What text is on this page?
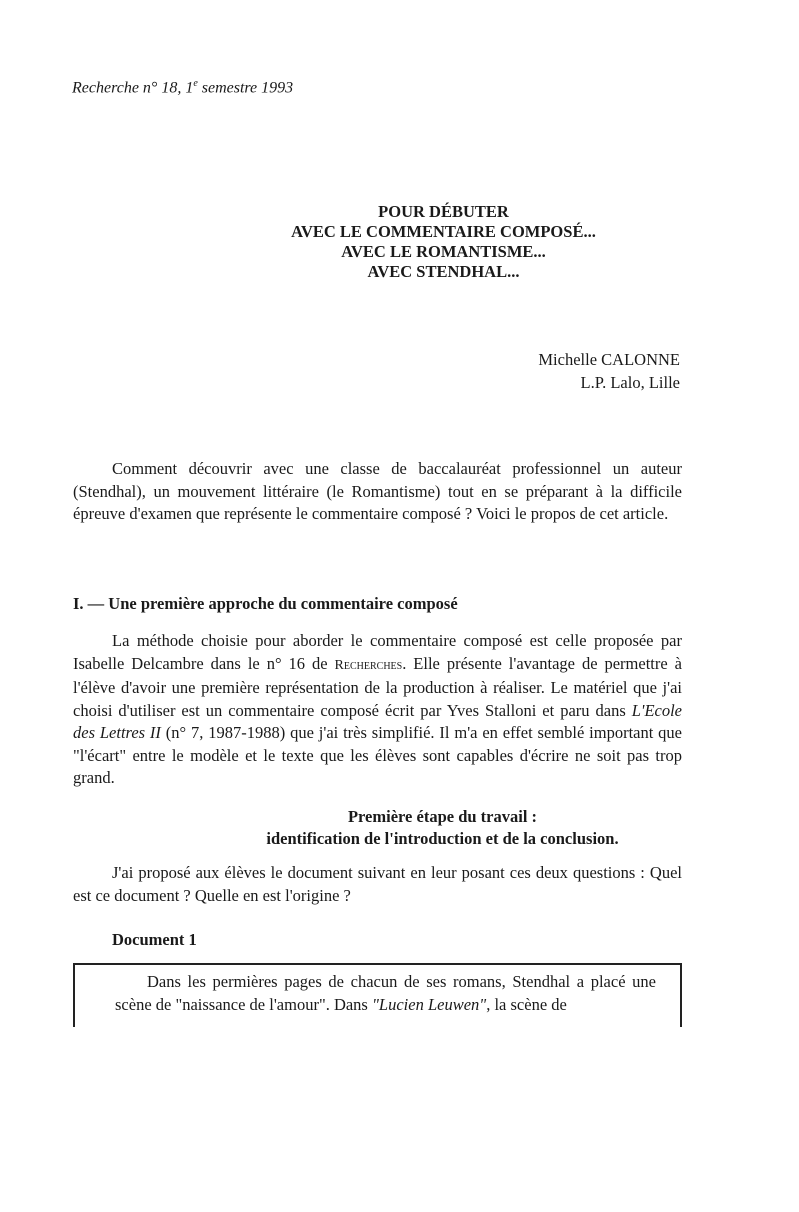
Recherche n° 18, 1e semestre 1993
POUR DÉBUTER
AVEC LE COMMENTAIRE COMPOSÉ...
AVEC LE ROMANTISME...
AVEC STENDHAL...
Michelle CALONNE
L.P. Lalo, Lille
Comment découvrir avec une classe de baccalauréat professionnel un auteur (Stendhal), un mouvement littéraire (le Romantisme) tout en se préparant à la difficile épreuve d'examen que représente le commentaire composé ? Voici le propos de cet article.
I. — Une première approche du commentaire composé
La méthode choisie pour aborder le commentaire composé est celle proposée par Isabelle Delcambre dans le n° 16 de Recherches. Elle présente l'avantage de permettre à l'élève d'avoir une première représentation de la production à réaliser. Le matériel que j'ai choisi d'utiliser est un commentaire composé écrit par Yves Stalloni et paru dans L'Ecole des Lettres II (n° 7, 1987-1988) que j'ai très simplifié. Il m'a en effet semblé important que "l'écart" entre le modèle et le texte que les élèves sont capables d'écrire ne soit pas trop grand.
Première étape du travail :
identification de l'introduction et de la conclusion.
J'ai proposé aux élèves le document suivant en leur posant ces deux questions : Quel est ce document ? Quelle en est l'origine ?
Document 1
Dans les permières pages de chacun de ses romans, Stendhal a placé une scène de "naissance de l'amour". Dans "Lucien Leuwen", la scène de
